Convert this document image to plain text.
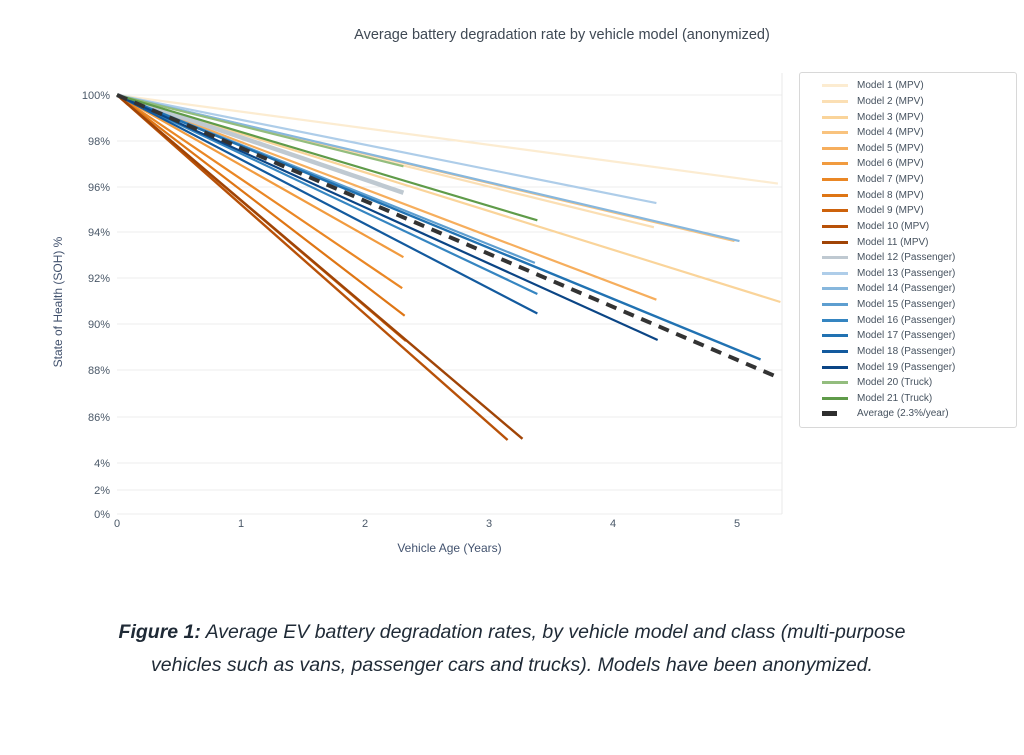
Average battery degradation rate by vehicle model (anonymized)
100%
98%
96%
94%
92%
90%
88%
86%
4%
2%
0%
0	1	2	3	4	5
State of Health (SOH) %
Vehicle Age (Years)
Model 1 (MPV)
Model 2 (MPV)
Model 3 (MPV)
Model 4 (MPV)
Model 5 (MPV)
Model 6 (MPV)
Model 7 (MPV)
Model 8 (MPV)
Model 9 (MPV)
Model 10 (MPV)
Model 11 (MPV)
Model 12 (Passenger)
Model 13 (Passenger)
Model 14 (Passenger)
Model 15 (Passenger)
Model 16 (Passenger)
Model 17 (Passenger)
Model 18 (Passenger)
Model 19 (Passenger)
Model 20 (Truck)
Model 21 (Truck)
Average (2.3%/year)
Figure 1: Average EV battery degradation rates, by vehicle model and class (multi-purpose vehicles such as vans, passenger cars and trucks). Models have been anonymized.
